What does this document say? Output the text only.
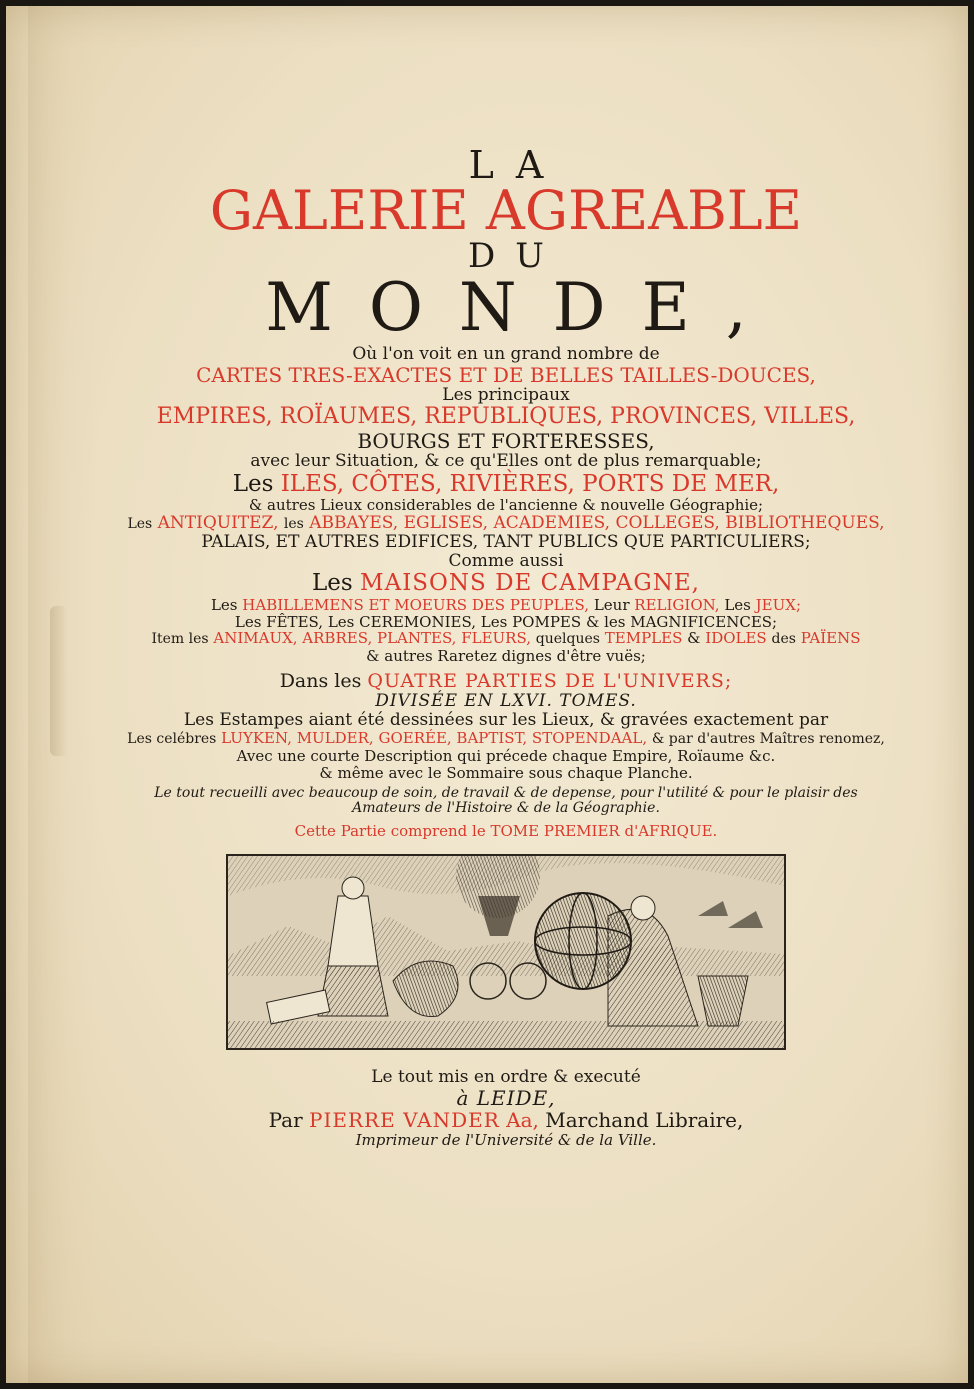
LA
GALERIE AGREABLE
DU
MONDE,
Où l'on voit en un grand nombre de
CARTES TRES-EXACTES ET DE BELLES TAILLES-DOUCES,
Les principaux
EMPIRES, ROÏAUMES, REPUBLIQUES, PROVINCES, VILLES,
BOURGS ET FORTERESSES,
avec leur Situation, & ce qu'Elles ont de plus remarquable;
Les ILES, CÔTES, RIVIÈRES, PORTS DE MER,
& autres Lieux considerables de l'ancienne & nouvelle Géographie;
Les ANTIQUITEZ, les ABBAYES, EGLISES, ACADEMIES, COLLEGES, BIBLIOTHEQUES,
PALAIS, ET AUTRES EDIFICES, TANT PUBLICS QUE PARTICULIERS;
Comme aussi
Les MAISONS DE CAMPAGNE,
Les HABILLEMENS ET MOEURS DES PEUPLES, Leur RELIGION, Les JEUX;
Les FÊTES, Les CEREMONIES, Les POMPES & les MAGNIFICENCES;
Item les ANIMAUX, ARBRES, PLANTES, FLEURS, quelques TEMPLES & IDOLES des PAÏENS
& autres Raretez dignes d'être vuës;
Dans les QUATRE PARTIES DE L'UNIVERS;
DIVISÉE EN LXVI. TOMES.
Les Estampes aiant été dessinées sur les Lieux, & gravées exactement par
Les celébres LUYKEN, MULDER, GOERÉE, BAPTIST, STOPENDAAL, & par d'autres Maîtres renomez,
Avec une courte Description qui précede chaque Empire, Roïaume &c.
& même avec le Sommaire sous chaque Planche.
Le tout recueilli avec beaucoup de soin, de travail & de depense, pour l'utilité & pour le plaisir des
Amateurs de l'Histoire & de la Géographie.
Cette Partie comprend le TOME PREMIER d'AFRIQUE.
Le tout mis en ordre & executé
à LEIDE,
Par PIERRE VANDER Aa, Marchand Libraire,
Imprimeur de l'Université & de la Ville.
